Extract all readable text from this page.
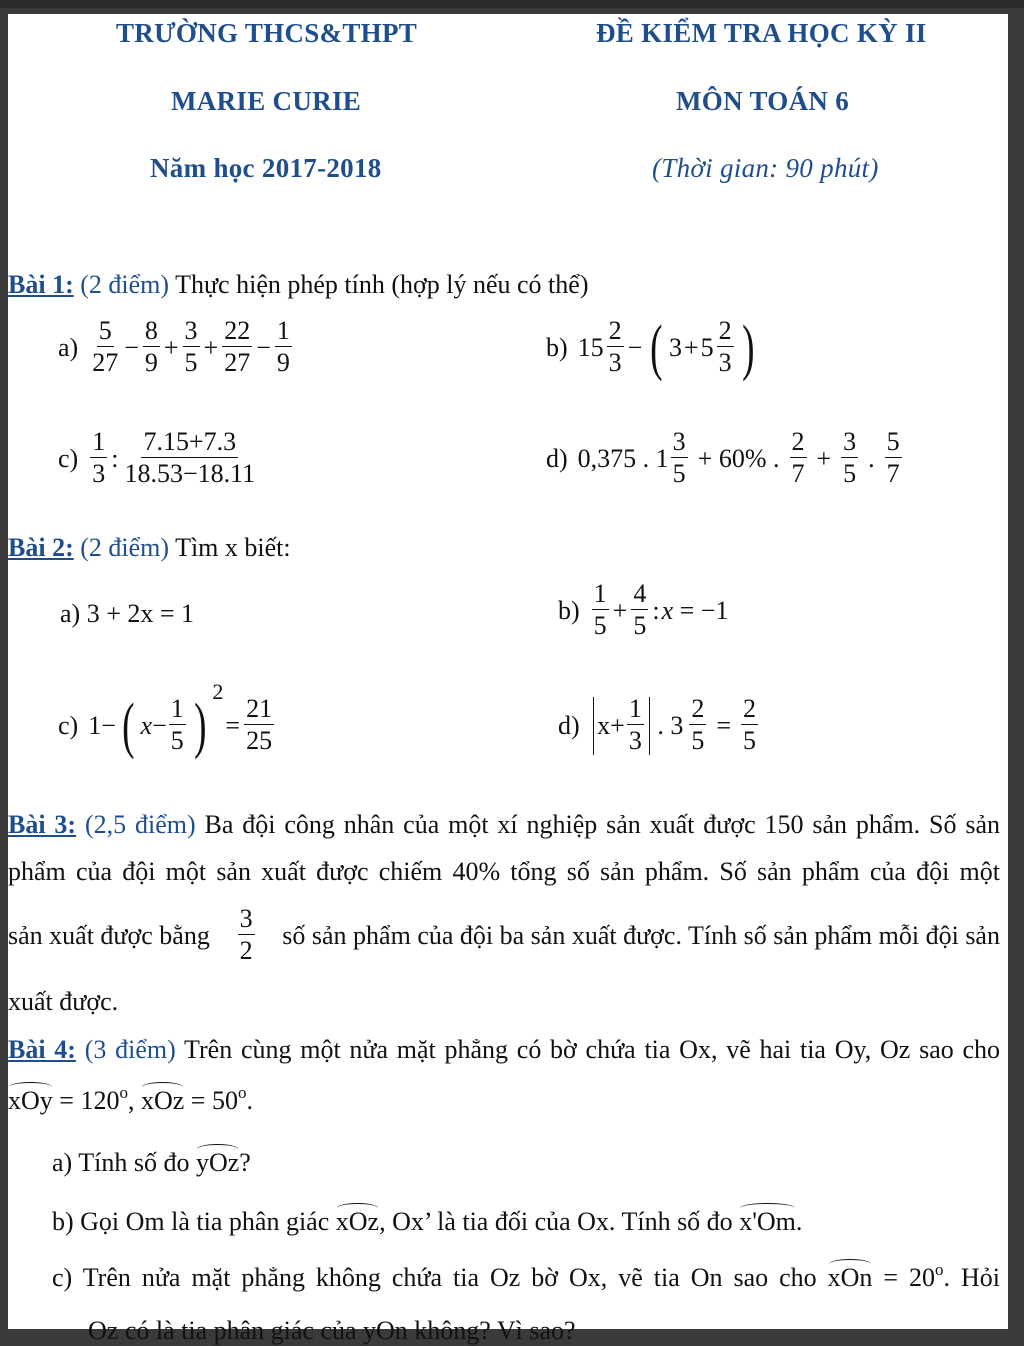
TRƯỜNG THCS&THPT
MARIE CURIE
Năm học 2017-2018
ĐỀ KIỂM TRA HỌC KỲ II
MÔN TOÁN 6
(Thời gian: 90 phút)
Bài 1: (2 điểm) Thực hiện phép tính (hợp lý nếu có thể)
a)
5
27
− $\frac{8}{9} + \frac{3}{5} + \frac{22}{27} - \frac{1}{9}$	b) 15
2
3
− ( 3 + 5
2
3 )
c)
1
3
:
7.15+7.3
18.53−18.11
d) 0,375 . 1
3
5
+ 60% .
2
7
+ $\frac{3}{5}$ .
5
7
Bài 2: (2 điểm) Tìm x biết:
a) 3 + 2x = 1	b)
1
5
+ $\frac{4}{5}$ : x = −1
c) 1− ( $x- \frac{1}{5}$ )
2
= $\frac{21}{25}$	d) $x+ \frac{1}{3}$ . $3 \frac{2}{5} = \frac{2}{5}$
Bài 3: (2,5 điểm) Ba đội công nhân của một xí nghiệp sản xuất được 150 sản phẩm. Số sản
phẩm của đội một sản xuất được chiếm 40% tổng số sản phẩm. Số sản phẩm của đội một
sản xuất được bằng
3
2
số sản phẩm của đội ba sản xuất được. Tính số sản phẩm mỗi đội sản
xuất được.
Bài 4: (3 điểm) Trên cùng một nửa mặt phẳng có bờ chứa tia Ox, vẽ hai tia Oy, Oz sao cho
xOy = $120^o$, xOz = $50^o$.
a) Tính số đo yOz?
b) Gọi Om là tia phân giác xOz, Ox’ là tia đối của Ox. Tính số đo x'Om.
c) Trên nửa mặt phẳng không chứa tia Oz bờ Ox, vẽ tia On sao cho xOn = $20^o$. Hỏi
Oz có là tia phân giác của yOn không? Vì sao?
